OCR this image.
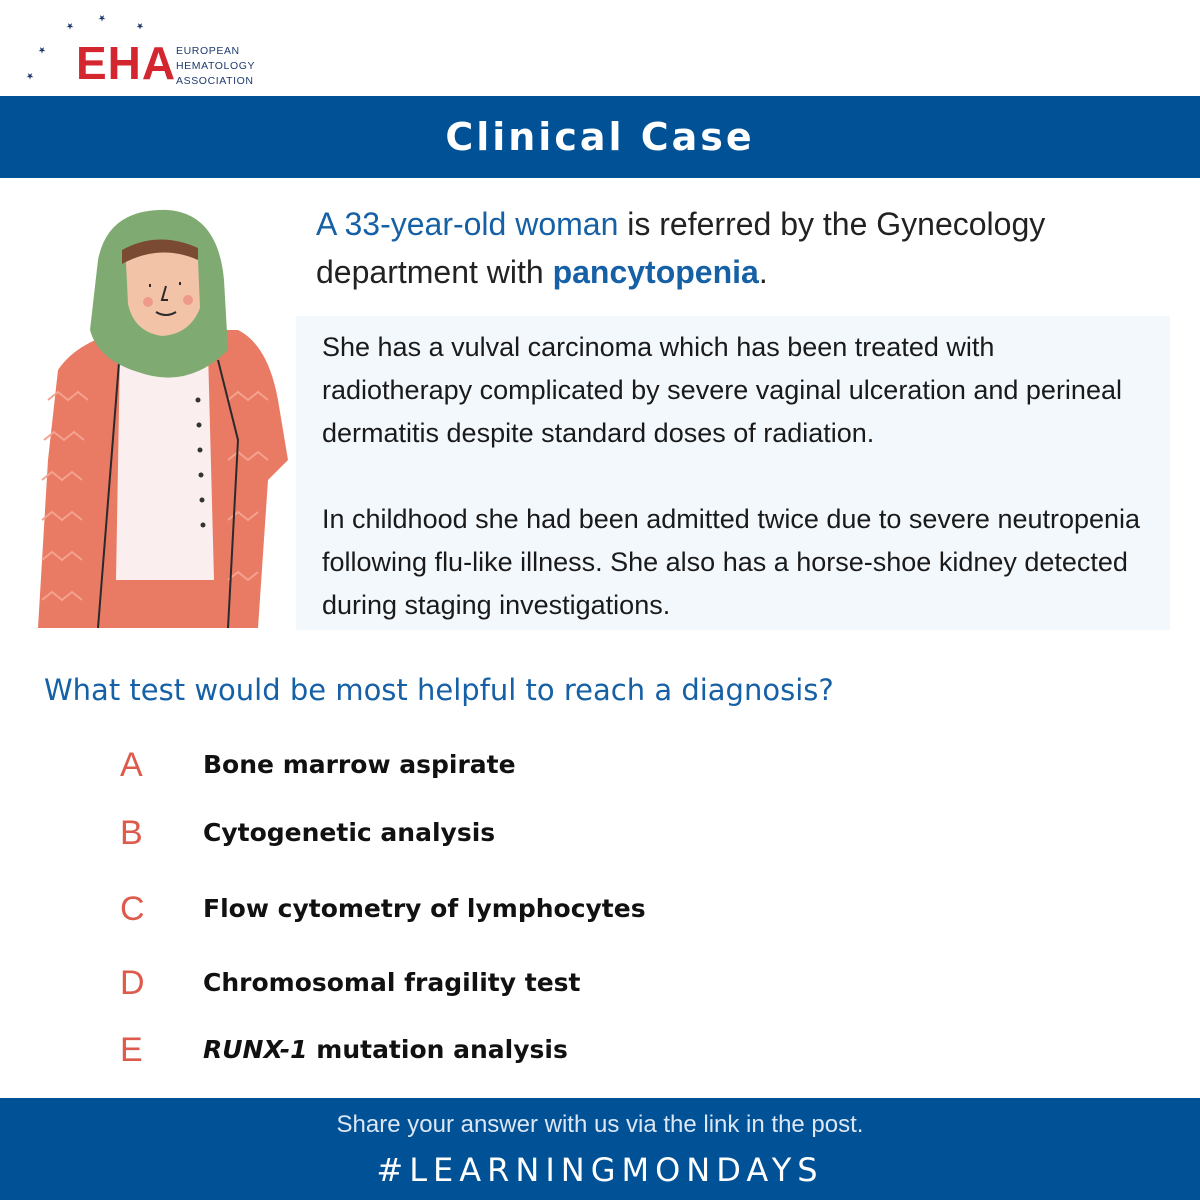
EHA EUROPEAN
HEMATOLOGY
ASSOCIATION
Clinical Case
A 33-year-old woman is referred by the Gynecology department with pancytopenia.

She has a vulval carcinoma which has been treated with radiotherapy complicated by severe vaginal ulceration and perineal dermatitis despite standard doses of radiation.

In childhood she had been admitted twice due to severe neutropenia following flu-like illness. She also has a horse-shoe kidney detected during staging investigations.

What test would be most helpful to reach a diagnosis?
A Bone marrow aspirate
B Cytogenetic analysis
C Flow cytometry of lymphocytes
D Chromosomal fragility test
E RUNX-1 mutation analysis
Share your answer with us via the link in the post.
#LEARNINGMONDAYS
